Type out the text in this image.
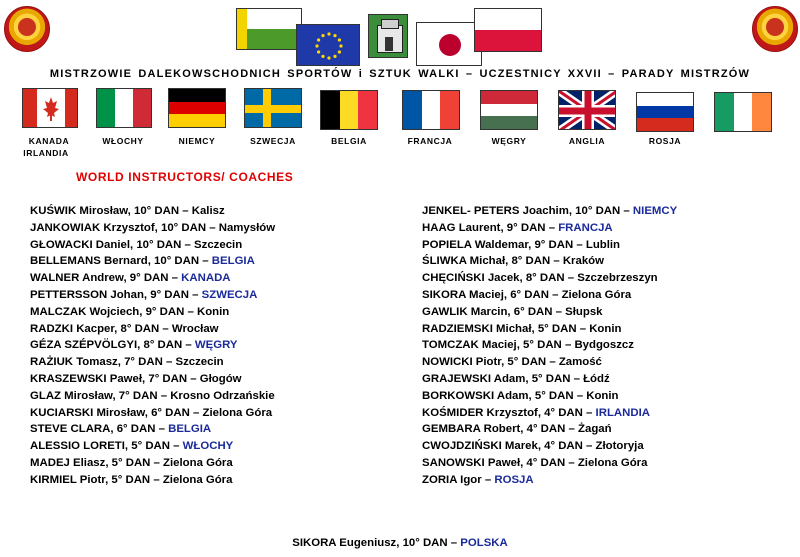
MISTRZOWIE DALEKOWSCHODNICH SPORTÓW i SZTUK WALKI – UCZESTNICY XXVII – PARADY MISTRZÓW
KANADA	WŁOCHY	NIEMCY	SZWECJA	BELGIA	FRANCJA	WĘGRY	ANGLIA	ROSJA
IRLANDIA
WORLD INSTRUCTORS/ COACHES
KUŚWIK Mirosław, 10° DAN – Kalisz
JANKOWIAK Krzysztof, 10° DAN – Namysłów
GŁOWACKI Daniel, 10° DAN – Szczecin
BELLEMANS Bernard, 10° DAN – BELGIA
WALNER Andrew, 9° DAN – KANADA
PETTERSSON Johan, 9° DAN – SZWECJA
MALCZAK Wojciech, 9° DAN – Konin
RADZKI Kacper, 8° DAN – Wrocław
GÉZA SZÉPVÖLGYI, 8° DAN – WĘGRY
RAŻIUK Tomasz, 7° DAN – Szczecin
KRASZEWSKI Paweł, 7° DAN – Głogów
GLAZ Mirosław, 7° DAN – Krosno Odrzańskie
KUCIARSKI Mirosław, 6° DAN – Zielona Góra
STEVE CLARA, 6° DAN – BELGIA
ALESSIO LORETI, 5° DAN – WŁOCHY
MADEJ Eliasz, 5° DAN – Zielona Góra
KIRMIEL Piotr, 5° DAN – Zielona Góra
JENKEL- PETERS Joachim, 10° DAN – NIEMCY
HAAG Laurent, 9° DAN – FRANCJA
POPIELA Waldemar, 9° DAN – Lublin
ŚLIWKA Michał, 8° DAN – Kraków
CHĘCIŃSKI Jacek, 8° DAN – Szczebrzeszyn
SIKORA Maciej, 6° DAN – Zielona Góra
GAWLIK Marcin, 6° DAN – Słupsk
RADZIEMSKI Michał, 5° DAN – Konin
TOMCZAK Maciej, 5° DAN – Bydgoszcz
NOWICKI Piotr, 5° DAN – Zamość
GRAJEWSKI Adam, 5° DAN – Łódź
BORKOWSKI Adam, 5° DAN – Konin
KOŚMIDER Krzysztof, 4° DAN – IRLANDIA
GEMBARA Robert, 4° DAN – Żagań
CWOJDZIŃSKI Marek, 4° DAN – Złotoryja
SANOWSKI Paweł, 4° DAN – Zielona Góra
ZORIA Igor – ROSJA
SIKORA Eugeniusz, 10° DAN – POLSKA
